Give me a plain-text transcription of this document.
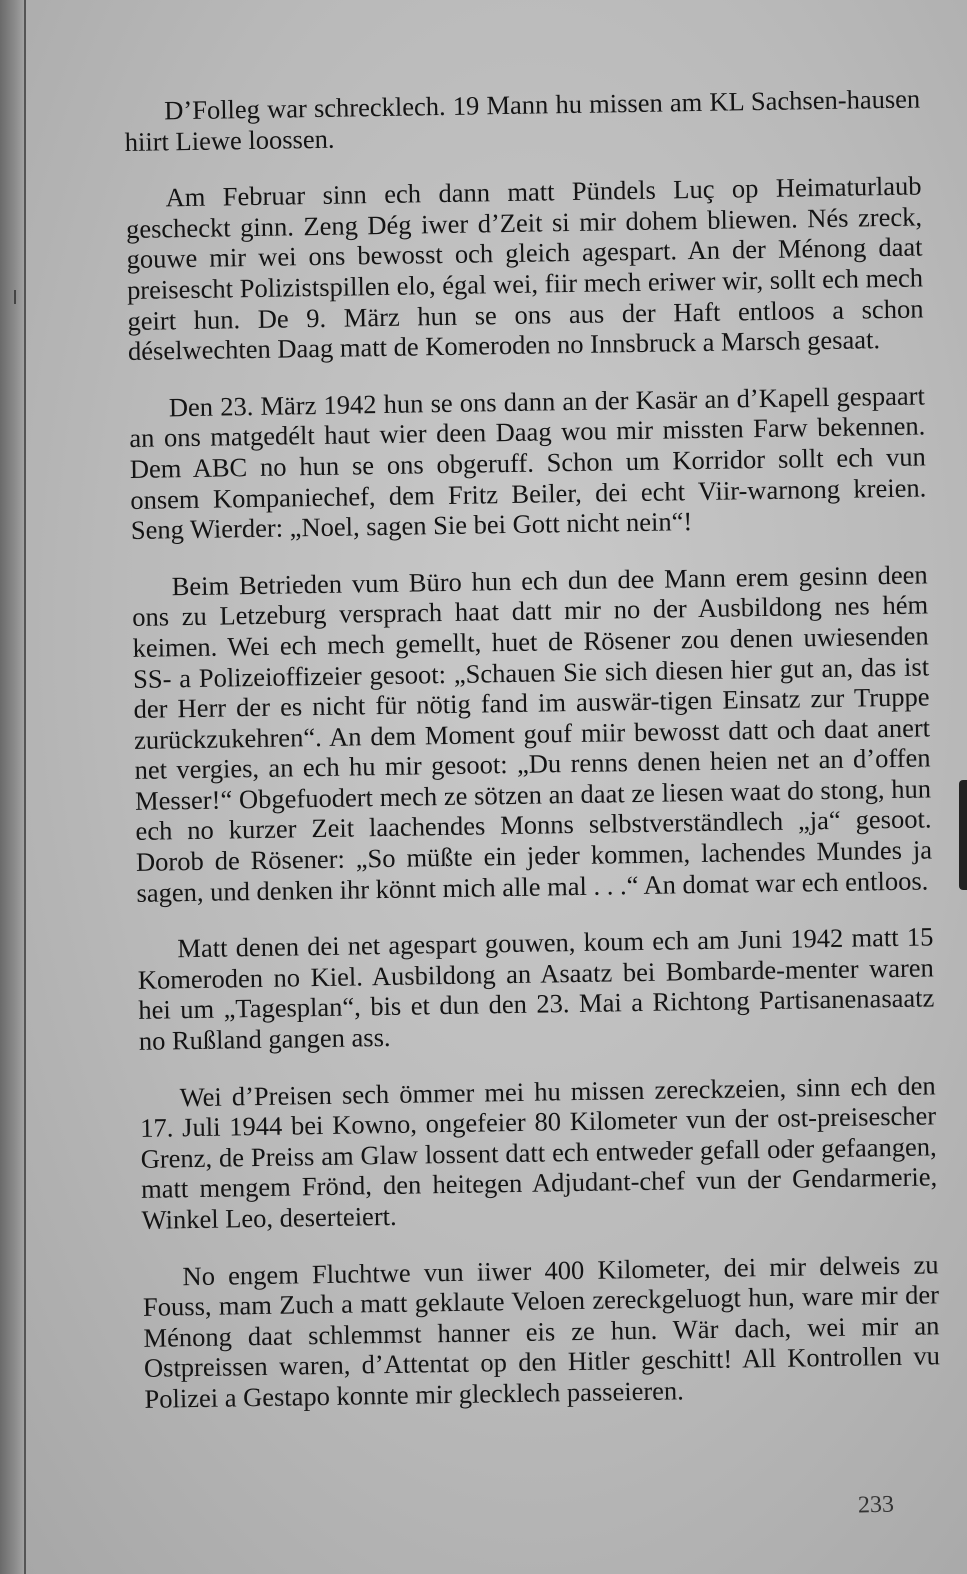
D’Folleg war schrecklech. 19 Mann hu missen am KL Sachsen-hausen hiirt Liewe loossen.

Am Februar sinn ech dann matt Pündels Luç op Heimaturlaub gescheckt ginn. Zeng Dég iwer d’Zeit si mir dohem bliewen. Nés zreck, gouwe mir wei ons bewosst och gleich agespart. An der Ménong daat preisescht Polizistspillen elo, égal wei, fiir mech eriwer wir, sollt ech mech geirt hun. De 9. März hun se ons aus der Haft entloos a schon déselwechten Daag matt de Komeroden no Innsbruck a Marsch gesaat.

Den 23. März 1942 hun se ons dann an der Kasär an d’Kapell gespaart an ons matgedélt haut wier deen Daag wou mir missten Farw bekennen. Dem ABC no hun se ons obgeruff. Schon um Korridor sollt ech vun onsem Kompaniechef, dem Fritz Beiler, dei echt Viir-warnong kreien. Seng Wierder: „Noel, sagen Sie bei Gott nicht nein“!

Beim Betrieden vum Büro hun ech dun dee Mann erem gesinn deen ons zu Letzeburg versprach haat datt mir no der Ausbildong nes hém keimen. Wei ech mech gemellt, huet de Rösener zou denen uwiesenden SS- a Polizeioffizeier gesoot: „Schauen Sie sich diesen hier gut an, das ist der Herr der es nicht für nötig fand im auswär-tigen Einsatz zur Truppe zurückzukehren“. An dem Moment gouf miir bewosst datt och daat anert net vergies, an ech hu mir gesoot: „Du renns denen heien net an d’offen Messer!“ Obgefuodert mech ze sötzen an daat ze liesen waat do stong, hun ech no kurzer Zeit laachendes Monns selbstverständlech „ja“ gesoot. Dorob de Rösener: „So müßte ein jeder kommen, lachendes Mundes ja sagen, und denken ihr könnt mich alle mal . . .“ An domat war ech entloos.

Matt denen dei net agespart gouwen, koum ech am Juni 1942 matt 15 Komeroden no Kiel. Ausbildong an Asaatz bei Bombarde-menter waren hei um „Tagesplan“, bis et dun den 23. Mai a Richtong Partisanenasaatz no Rußland gangen ass.

Wei d’Preisen sech ömmer mei hu missen zereckzeien, sinn ech den 17. Juli 1944 bei Kowno, ongefeier 80 Kilometer vun der ost-preisescher Grenz, de Preiss am Glaw lossent datt ech entweder gefall oder gefaangen, matt mengem Frönd, den heitegen Adjudant-chef vun der Gendarmerie, Winkel Leo, deserteiert.

No engem Fluchtwe vun iiwer 400 Kilometer, dei mir delweis zu Fouss, mam Zuch a matt geklaute Veloen zereckgeluogt hun, ware mir der Ménong daat schlemmst hanner eis ze hun. Wär dach, wei mir an Ostpreissen waren, d’Attentat op den Hitler geschitt! All Kontrollen vu Polizei a Gestapo konnte mir glecklech passeieren.

233
